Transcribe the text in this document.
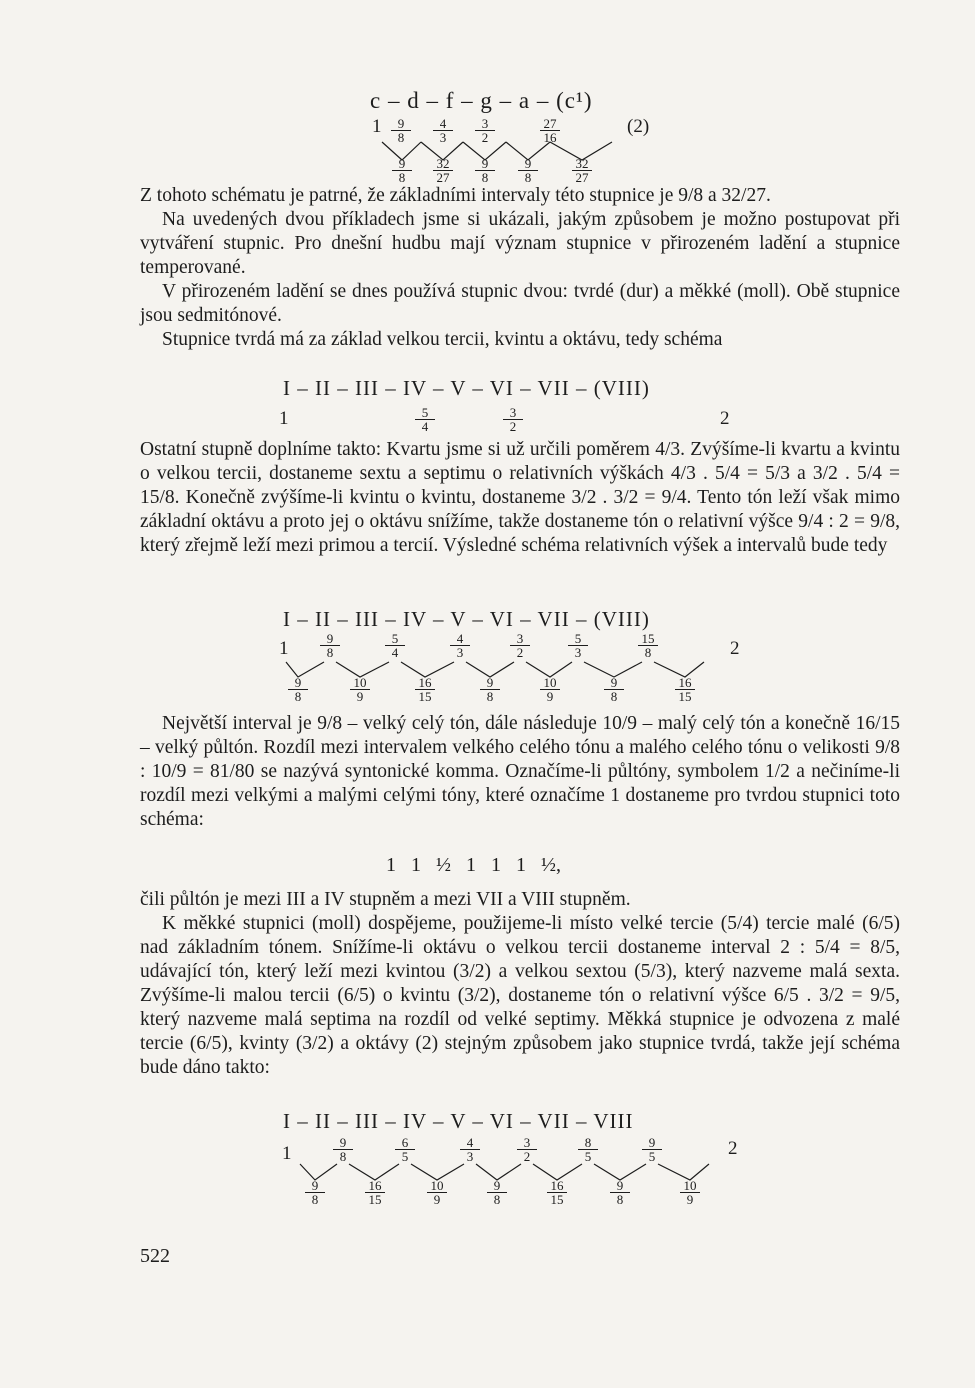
c – d – f – g – a – (c¹)
1	(2)
$\frac{9}{8} \frac{4}{3} \frac{3}{2}$	$\frac{27}{16}$
$\frac{9}{8} \frac{32}{27} \frac{9}{8} \frac{9}{8}$	$\frac{32}{27}$

Z tohoto schématu je patrné, že základními intervaly této stupnice je 9/8 a 32/27.

Na uvedených dvou příkladech jsme si ukázali, jakým způsobem je možno postupovat při vytváření stupnic. Pro dnešní hudbu mají význam stupnice v přirozeném ladění a stupnice temperované.

V přirozeném ladění se dnes používá stupnic dvou: tvrdé (dur) a měkké (moll). Obě stupnice jsou sedmitónové.

Stupnice tvrdá má za základ velkou tercii, kvintu a oktávu, tedy schéma

I – II – III – IV – V – VI – VII – (VIII)
1	$\frac{5}{4}$	$\frac{3}{2}$	2

Ostatní stupně doplníme takto: Kvartu jsme si už určili poměrem 4/3. Zvýšíme-li kvartu a kvintu o velkou tercii, dostaneme sextu a septimu o relativních výškách 4/3 . 5/4 = 5/3 a 3/2 . 5/4 = 15/8. Konečně zvýšíme-li kvintu o kvintu, dostaneme 3/2 . 3/2 = 9/4. Tento tón leží však mimo základní oktávu a proto jej o oktávu snížíme, takže dostaneme tón o relativní výšce 9/4 : 2 = 9/8, který zřejmě leží mezi primou a tercií. Výsledné schéma relativních výšek a intervalů bude tedy

I – II – III – IV – V – VI – VII – (VIII)
1	2
$\frac{9}{8}$	$\frac{5}{4}$	$\frac{4}{3}$	$\frac{3}{2}$	$\frac{5}{3}$	$\frac{15}{8}$
$\frac{9}{8}$	$\frac{10}{9}$	$\frac{16}{15}$	$\frac{9}{8}$	$\frac{10}{9}$	$\frac{9}{8}$	$\frac{16}{15}$

Největší interval je 9/8 – velký celý tón, dále následuje 10/9 – malý celý tón a konečně 16/15 – velký půltón. Rozdíl mezi intervalem velkého celého tónu a malého celého tónu o velikosti 9/8 : 10/9 = 81/80 se nazývá syntonické komma. Označíme-li půltóny, symbolem 1/2 a nečiníme-li rozdíl mezi velkými a malými celými tóny, které označíme 1 dostaneme pro tvrdou stupnici toto schéma:

1   1   ½   1   1   1   ½,

čili půltón je mezi III a IV stupněm a mezi VII a VIII stupněm.

K měkké stupnici (moll) dospějeme, použijeme-li místo velké tercie (5/4) tercie malé (6/5) nad základním tónem. Snížíme-li oktávu o velkou tercii dostaneme interval 2 : 5/4 = 8/5, udávající tón, který leží mezi kvintou (3/2) a velkou sextou (5/3), který nazveme malá sexta. Zvýšíme-li malou tercii (6/5) o kvintu (3/2), dostaneme tón o relativní výšce 6/5 . 3/2 = 9/5, který nazveme malá septima na rozdíl od velké septimy. Měkká stupnice je odvozena z malé tercie (6/5), kvinty (3/2) a oktávy (2) stejným způsobem jako stupnice tvrdá, takže její schéma bude dáno takto:

I – II – III – IV – V – VI – VII – VIII
1	2
$\frac{9}{8}$	$\frac{6}{5}$	$\frac{4}{3}$	$\frac{3}{2}$	$\frac{8}{5}$	$\frac{9}{5}$
$\frac{9}{8}$	$\frac{16}{15}$	$\frac{10}{9}$	$\frac{9}{8}$	$\frac{16}{15}$	$\frac{9}{8}$	$\frac{10}{9}$
522
